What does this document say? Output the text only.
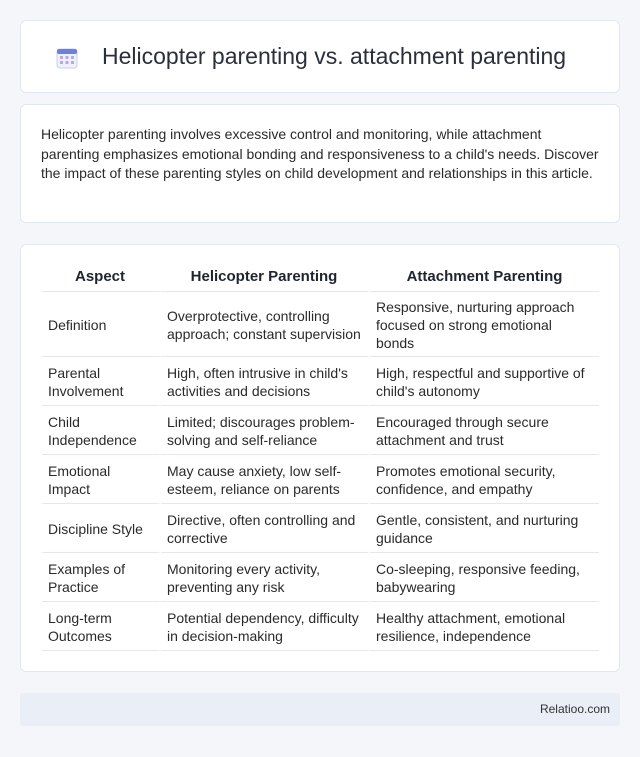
Helicopter parenting vs. attachment parenting

Helicopter parenting involves excessive control and monitoring, while attachment parenting emphasizes emotional bonding and responsiveness to a child's needs. Discover the impact of these parenting styles on child development and relationships in this article.

Aspect	Helicopter Parenting	Attachment Parenting
Definition	Overprotective, controlling approach; constant supervision	Responsive, nurturing approach focused on strong emotional bonds
Parental Involvement	High, often intrusive in child's activities and decisions	High, respectful and supportive of child's autonomy
Child Independence	Limited; discourages problem-solving and self-reliance	Encouraged through secure attachment and trust
Emotional Impact	May cause anxiety, low self-esteem, reliance on parents	Promotes emotional security, confidence, and empathy
Discipline Style	Directive, often controlling and corrective	Gentle, consistent, and nurturing guidance
Examples of Practice	Monitoring every activity, preventing any risk	Co-sleeping, responsive feeding, babywearing
Long-term Outcomes	Potential dependency, difficulty in decision-making	Healthy attachment, emotional resilience, independence
Relatioo.com
